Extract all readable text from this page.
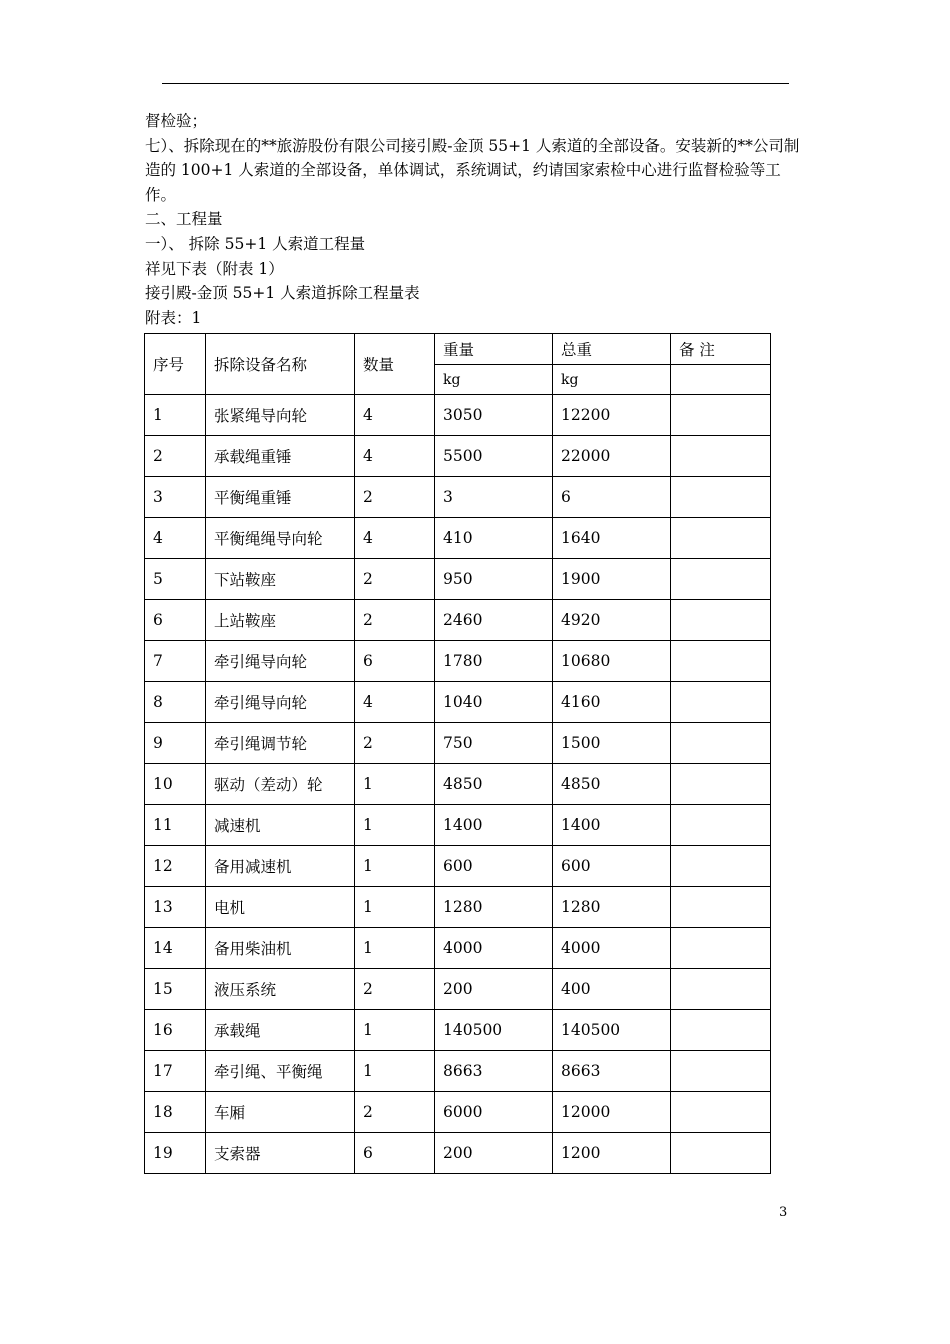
督检验；

七）、拆除现在的**旅游股份有限公司接引殿-金顶 55+1 人索道的全部设备。安装新的**公司制造的 100+1 人索道的全部设备，单体调试，系统调试，约请国家索检中心进行监督检验等工作。

二、工程量

一）、 拆除 55+1 人索道工程量

祥见下表（附表 1）

接引殿-金顶 55+1 人索道拆除工程量表

附表：1

序号	拆除设备名称	数量	重量	总重	备 注
			kg	kg	
1	张紧绳导向轮	4	3050	12200	
2	承载绳重锤	4	5500	22000	
3	平衡绳重锤	2	3	6	
4	平衡绳绳导向轮	4	410	1640	
5	下站鞍座	2	950	1900	
6	上站鞍座	2	2460	4920	
7	牵引绳导向轮	6	1780	10680	
8	牵引绳导向轮	4	1040	4160	
9	牵引绳调节轮	2	750	1500	
10	驱动（差动）轮	1	4850	4850	
11	减速机	1	1400	1400	
12	备用减速机	1	600	600	
13	电机	1	1280	1280	
14	备用柴油机	1	4000	4000	
15	液压系统	2	200	400	
16	承载绳	1	140500	140500	
17	牵引绳、平衡绳	1	8663	8663	
18	车厢	2	6000	12000	
19	支索器	6	200	1200	
3
